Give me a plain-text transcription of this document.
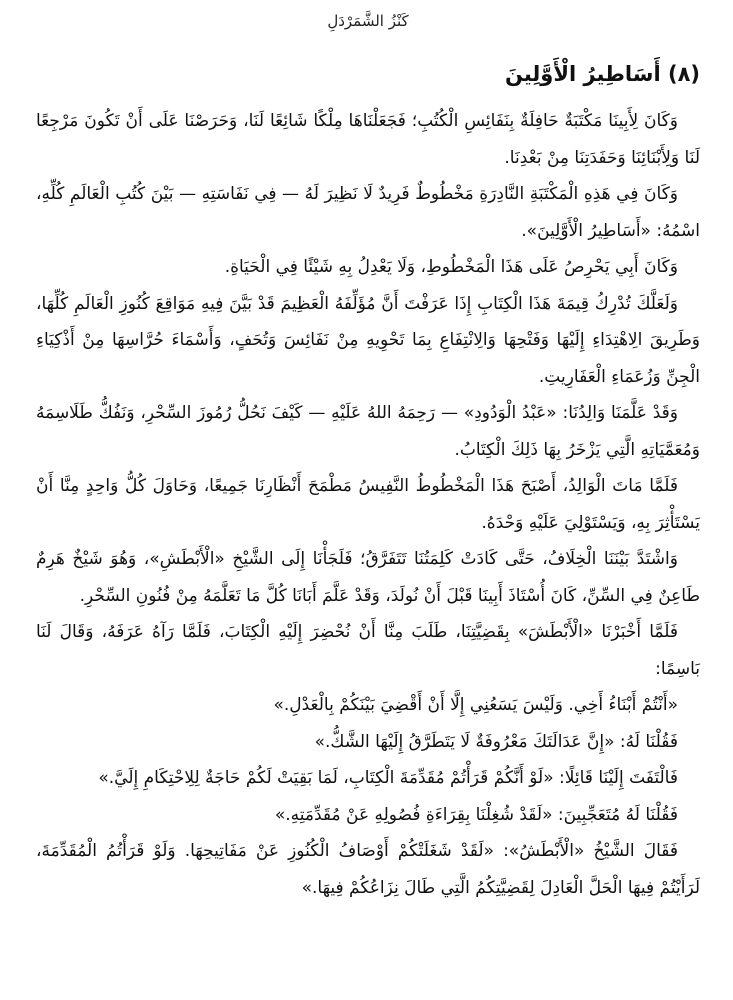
كَنْزُ الشَّمَرْدَلِ
(٨) أَسَاطِيرُ الْأَوَّلِينَ

وَكَانَ لِأَبِينَا مَكْتَبَةٌ حَافِلَةٌ بِنَفَائِسِ الْكُتُبِ؛ فَجَعَلْنَاهَا مِلْكًا شَائِعًا لَنَا، وَحَرَصْنَا عَلَى أَنْ تَكُونَ مَرْجِعًا لَنَا وَلِأَبْنَائِنَا وَحَفَدَتِنَا مِنْ بَعْدِنَا.

وَكَانَ فِي هَذِهِ الْمَكْتَبَةِ النَّادِرَةِ مَخْطُوطٌ فَرِيدٌ لَا نَظِيرَ لَهُ — فِي نَفَاسَتِهِ — بَيْنَ كُتُبِ الْعَالَمِ كُلِّهِ، اسْمُهُ: «أَسَاطِيرُ الْأَوَّلِينَ».

وَكَانَ أَبِي يَحْرِصُ عَلَى هَذَا الْمَخْطُوطِ، وَلَا يَعْدِلُ بِهِ شَيْئًا فِي الْحَيَاةِ.

وَلَعَلَّكَ تُدْرِكُ قِيمَةَ هَذَا الْكِتَابِ إِذَا عَرَفْتَ أَنَّ مُؤَلِّفَهُ الْعَظِيمَ قَدْ بَيَّنَ فِيهِ مَوَاقِعَ كُنُوزِ الْعَالَمِ كُلِّهَا، وَطَرِيقَ الِاهْتِدَاءِ إِلَيْهَا وَفَتْحِهَا وَالِانْتِفَاعِ بِمَا تَحْوِيهِ مِنْ نَفَائِسَ وَتُحَفٍ، وَأَسْمَاءَ حُرَّاسِهَا مِنْ أَذْكِيَاءِ الْجِنِّ وَزُعَمَاءِ الْعَفَارِيتِ.

وَقَدْ عَلَّمَنَا وَالِدُنَا: «عَبْدُ الْوَدُودِ» — رَحِمَهُ اللهُ عَلَيْهِ — كَيْفَ نَحُلُّ رُمُوزَ السِّحْرِ، وَنَفُكُّ طَلَاسِمَهُ وَمُعَمَّيَاتِهِ الَّتِي يَزْخَرُ بِهَا ذَلِكَ الْكِتَابُ.

فَلَمَّا مَاتَ الْوَالِدُ، أَصْبَحَ هَذَا الْمَخْطُوطُ النَّفِيسُ مَطْمَحَ أَنْظَارِنَا جَمِيعًا، وَحَاوَلَ كُلُّ وَاحِدٍ مِنَّا أَنْ يَسْتَأْثِرَ بِهِ، وَيَسْتَوْلِيَ عَلَيْهِ وَحْدَهُ.

وَاشْتَدَّ بَيْنَنَا الْخِلَافُ، حَتَّى كَادَتْ كَلِمَتُنَا تَتَفَرَّقُ؛ فَلَجَأْنَا إِلَى الشَّيْخِ «الْأَبْطَشِ»، وَهُوَ شَيْخٌ هَرِمٌ طَاعِنٌ فِي السِّنِّ، كَانَ أُسْتَاذَ أَبِينَا قَبْلَ أَنْ نُولَدَ، وَقَدْ عَلَّمَ أَبَانَا كُلَّ مَا تَعَلَّمَهُ مِنْ فُنُونِ السِّحْرِ.

فَلَمَّا أَخْبَرْنَا «الْأَبْطَشَ» بِقَضِيَّتِنَا، طَلَبَ مِنَّا أَنْ نُحْضِرَ إِلَيْهِ الْكِتَابَ، فَلَمَّا رَآهُ عَرَفَهُ، وَقَالَ لَنَا بَاسِمًا:

«أَنْتُمْ أَبْنَاءُ أَخِي. وَلَيْسَ يَسَعُنِي إِلَّا أَنْ أَقْضِيَ بَيْنَكُمْ بِالْعَدْلِ.»

فَقُلْنَا لَهُ: «إِنَّ عَدَالَتَكَ مَعْرُوفَةٌ لَا يَتَطَرَّقُ إِلَيْهَا الشَّكُّ.»

فَالْتَفَتَ إِلَيْنَا قَائِلًا: «لَوْ أَنَّكُمْ قَرَأْتُمْ مُقَدِّمَةَ الْكِتَابِ، لَمَا بَقِيَتْ لَكُمْ حَاجَةٌ لِلِاحْتِكَامِ إِلَيَّ.»

فَقُلْنَا لَهُ مُتَعَجِّبِينَ: «لَقَدْ شُغِلْنَا بِقِرَاءَةِ فُصُولِهِ عَنْ مُقَدِّمَتِهِ.»

فَقَالَ الشَّيْخُ «الْأَبْطَشُ»: «لَقَدْ شَغَلَتْكُمْ أَوْصَافُ الْكُنُوزِ عَنْ مَفَاتِيحِهَا. وَلَوْ قَرَأْتُمُ الْمُقَدِّمَةَ، لَرَأَيْتُمْ فِيهَا الْحَلَّ الْعَادِلَ لِقَضِيَّتِكُمُ الَّتِي طَالَ نِزَاعُكُمْ فِيهَا.»
